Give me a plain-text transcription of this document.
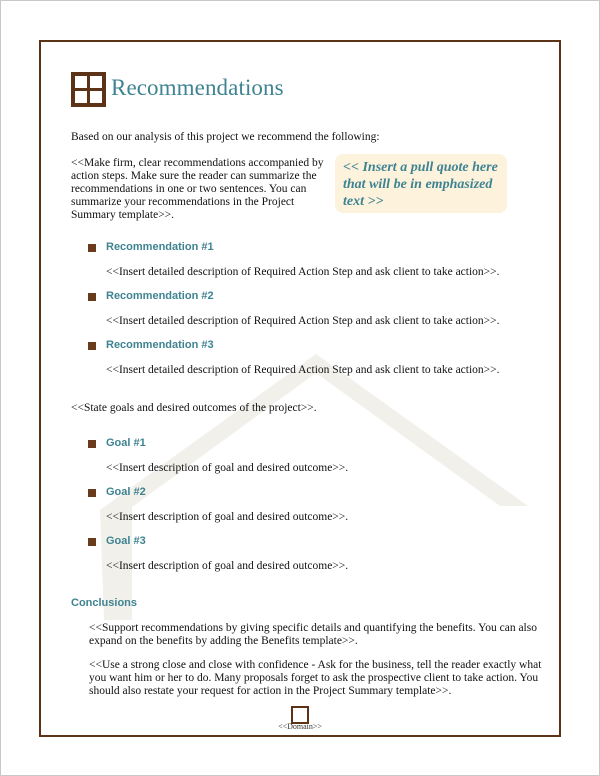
Recommendations
Based on our analysis of this project we recommend the following:
<<Make firm, clear recommendations accompanied by
action steps. Make sure the reader can summarize the
recommendations in one or two sentences. You can
summarize your recommendations in the Project
Summary template>>.
<< Insert a pull quote here
that will be in emphasized
text >>
Recommendation #1
<<Insert detailed description of Required Action Step and ask client to take action>>.
Recommendation #2
<<Insert detailed description of Required Action Step and ask client to take action>>.
Recommendation #3
<<Insert detailed description of Required Action Step and ask client to take action>>.
<<State goals and desired outcomes of the project>>.
Goal #1
<<Insert description of goal and desired outcome>>.
Goal #2
<<Insert description of goal and desired outcome>>.
Goal #3
<<Insert description of goal and desired outcome>>.
Conclusions
<<Support recommendations by giving specific details and quantifying the benefits. You can also
expand on the benefits by adding the Benefits template>>.
<<Use a strong close and close with confidence - Ask for the business, tell the reader exactly what
you want him or her to do. Many proposals forget to ask the prospective client to take action. You
should also restate your request for action in the Project Summary template>>.
<<Domain>>
